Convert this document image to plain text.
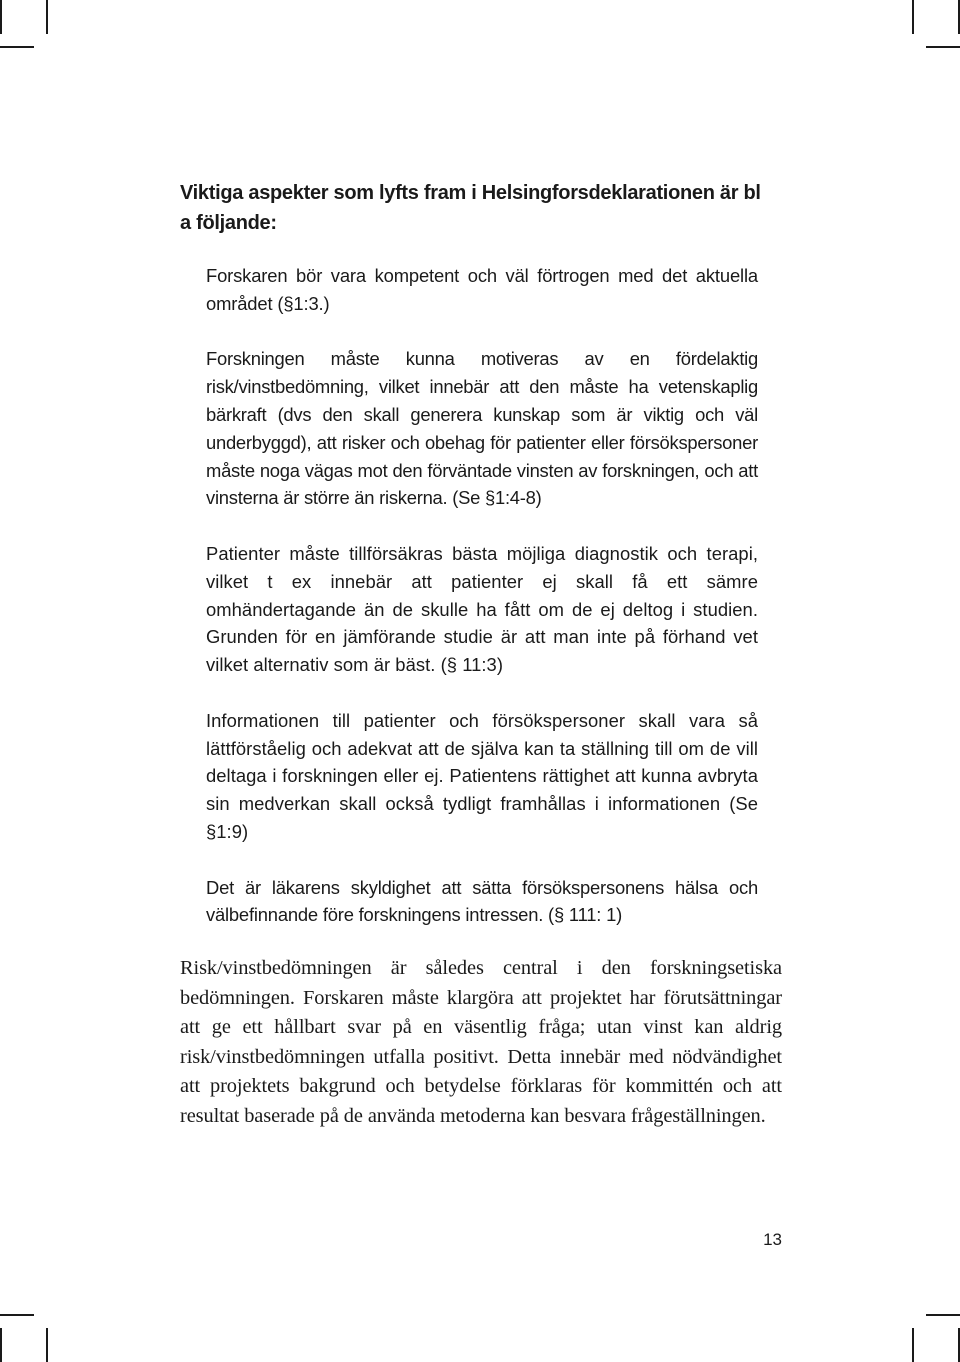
Viktiga aspekter som lyfts fram i Helsingforsdeklarationen är bl a följande:
Forskaren bör vara kompetent och väl förtrogen med det aktuella området (§1:3.)
Forskningen måste kunna motiveras av en fördelaktig risk/vinstbedömning, vilket innebär att den måste ha vetenskaplig bärkraft (dvs den skall generera kunskap som är viktig och väl underbyggd), att risker och obehag för patienter eller försökspersoner måste noga vägas mot den förväntade vinsten av forskningen, och att vinsterna är större än riskerna. (Se §1:4-8)
Patienter måste tillförsäkras bästa möjliga diagnostik och terapi, vilket t ex innebär att patienter ej skall få ett sämre omhändertagande än de skulle ha fått om de ej deltog i studien. Grunden för en jämförande studie är att man inte på förhand vet vilket alternativ som är bäst. (§ 11:3)
Informationen till patienter och försökspersoner skall vara så lättförståelig och adekvat att de själva kan ta ställning till om de vill deltaga i forskningen eller ej. Patientens rättighet att kunna avbryta sin medverkan skall också tydligt framhållas i informationen (Se §1:9)
Det är läkarens skyldighet att sätta försökspersonens hälsa och välbefinnande före forskningens intressen. (§ 111: 1)

Risk/vinstbedömningen är således central i den forskningsetiska bedömningen. Forskaren måste klargöra att projektet har förutsättningar att ge ett hållbart svar på en väsentlig fråga; utan vinst kan aldrig risk/vinstbedömningen utfalla positivt. Detta innebär med nödvändighet att projektets bakgrund och betydelse förklaras för kommittén och att resultat baserade på de använda metoderna kan besvara frågeställningen.

13
